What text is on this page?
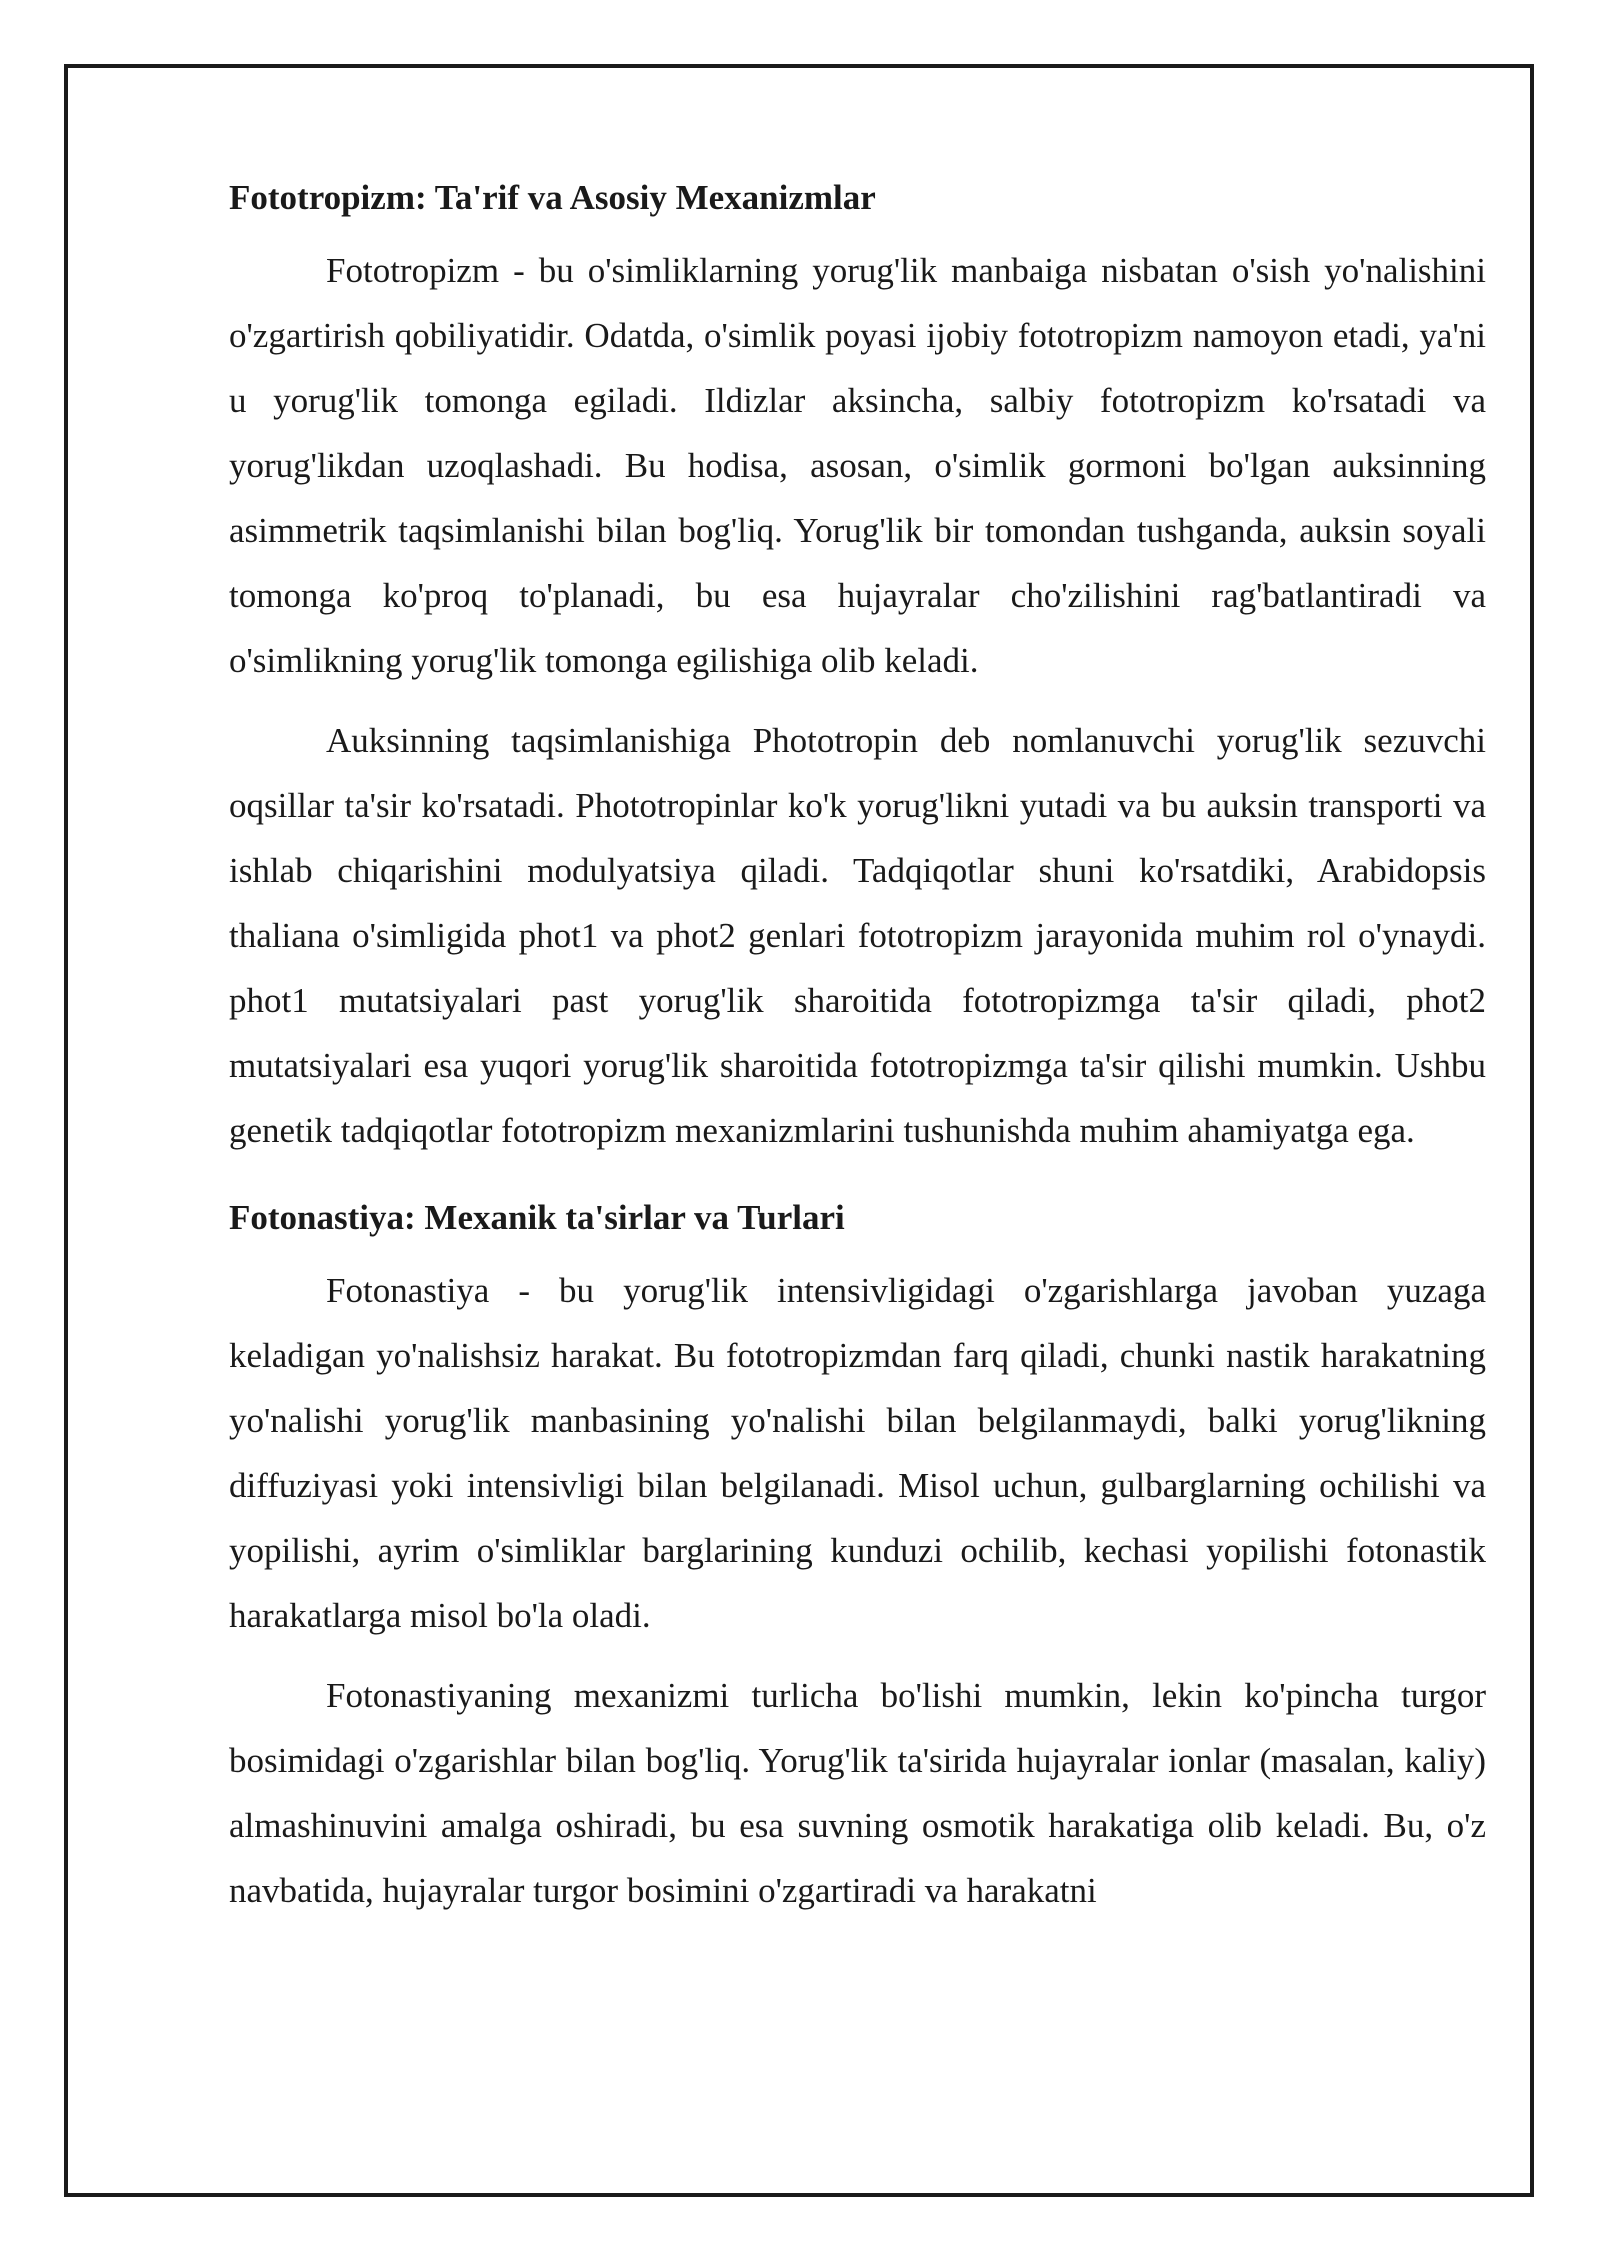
Fototropizm: Ta'rif va Asosiy Mexanizmlar

Fototropizm - bu o'simliklarning yorug'lik manbaiga nisbatan o'sish yo'nalishini o'zgartirish qobiliyatidir. Odatda, o'simlik poyasi ijobiy fototropizm namoyon etadi, ya'ni u yorug'lik tomonga egiladi. Ildizlar aksincha, salbiy fototropizm ko'rsatadi va yorug'likdan uzoqlashadi. Bu hodisa, asosan, o'simlik gormoni bo'lgan auksinning asimmetrik taqsimlanishi bilan bog'liq. Yorug'lik bir tomondan tushganda, auksin soyali tomonga ko'proq to'planadi, bu esa hujayralar cho'zilishini rag'batlantiradi va o'simlikning yorug'lik tomonga egilishiga olib keladi.

Auksinning taqsimlanishiga Phototropin deb nomlanuvchi yorug'lik sezuvchi oqsillar ta'sir ko'rsatadi. Phototropinlar ko'k yorug'likni yutadi va bu auksin transporti va ishlab chiqarishini modulyatsiya qiladi. Tadqiqotlar shuni ko'rsatdiki, Arabidopsis thaliana o'simligida phot1 va phot2 genlari fototropizm jarayonida muhim rol o'ynaydi. phot1 mutatsiyalari past yorug'lik sharoitida fototropizmga ta'sir qiladi, phot2 mutatsiyalari esa yuqori yorug'lik sharoitida fototropizmga ta'sir qilishi mumkin. Ushbu genetik tadqiqotlar fototropizm mexanizmlarini tushunishda muhim ahamiyatga ega.

Fotonastiya: Mexanik ta'sirlar va Turlari

Fotonastiya - bu yorug'lik intensivligidagi o'zgarishlarga javoban yuzaga keladigan yo'nalishsiz harakat. Bu fototropizmdan farq qiladi, chunki nastik harakatning yo'nalishi yorug'lik manbasining yo'nalishi bilan belgilanmaydi, balki yorug'likning diffuziyasi yoki intensivligi bilan belgilanadi. Misol uchun, gulbarglarning ochilishi va yopilishi, ayrim o'simliklar barglarining kunduzi ochilib, kechasi yopilishi fotonastik harakatlarga misol bo'la oladi.

Fotonastiyaning mexanizmi turlicha bo'lishi mumkin, lekin ko'pincha turgor bosimidagi o'zgarishlar bilan bog'liq. Yorug'lik ta'sirida hujayralar ionlar (masalan, kaliy) almashinuvini amalga oshiradi, bu esa suvning osmotik harakatiga olib keladi. Bu, o'z navbatida, hujayralar turgor bosimini o'zgartiradi va harakatni
